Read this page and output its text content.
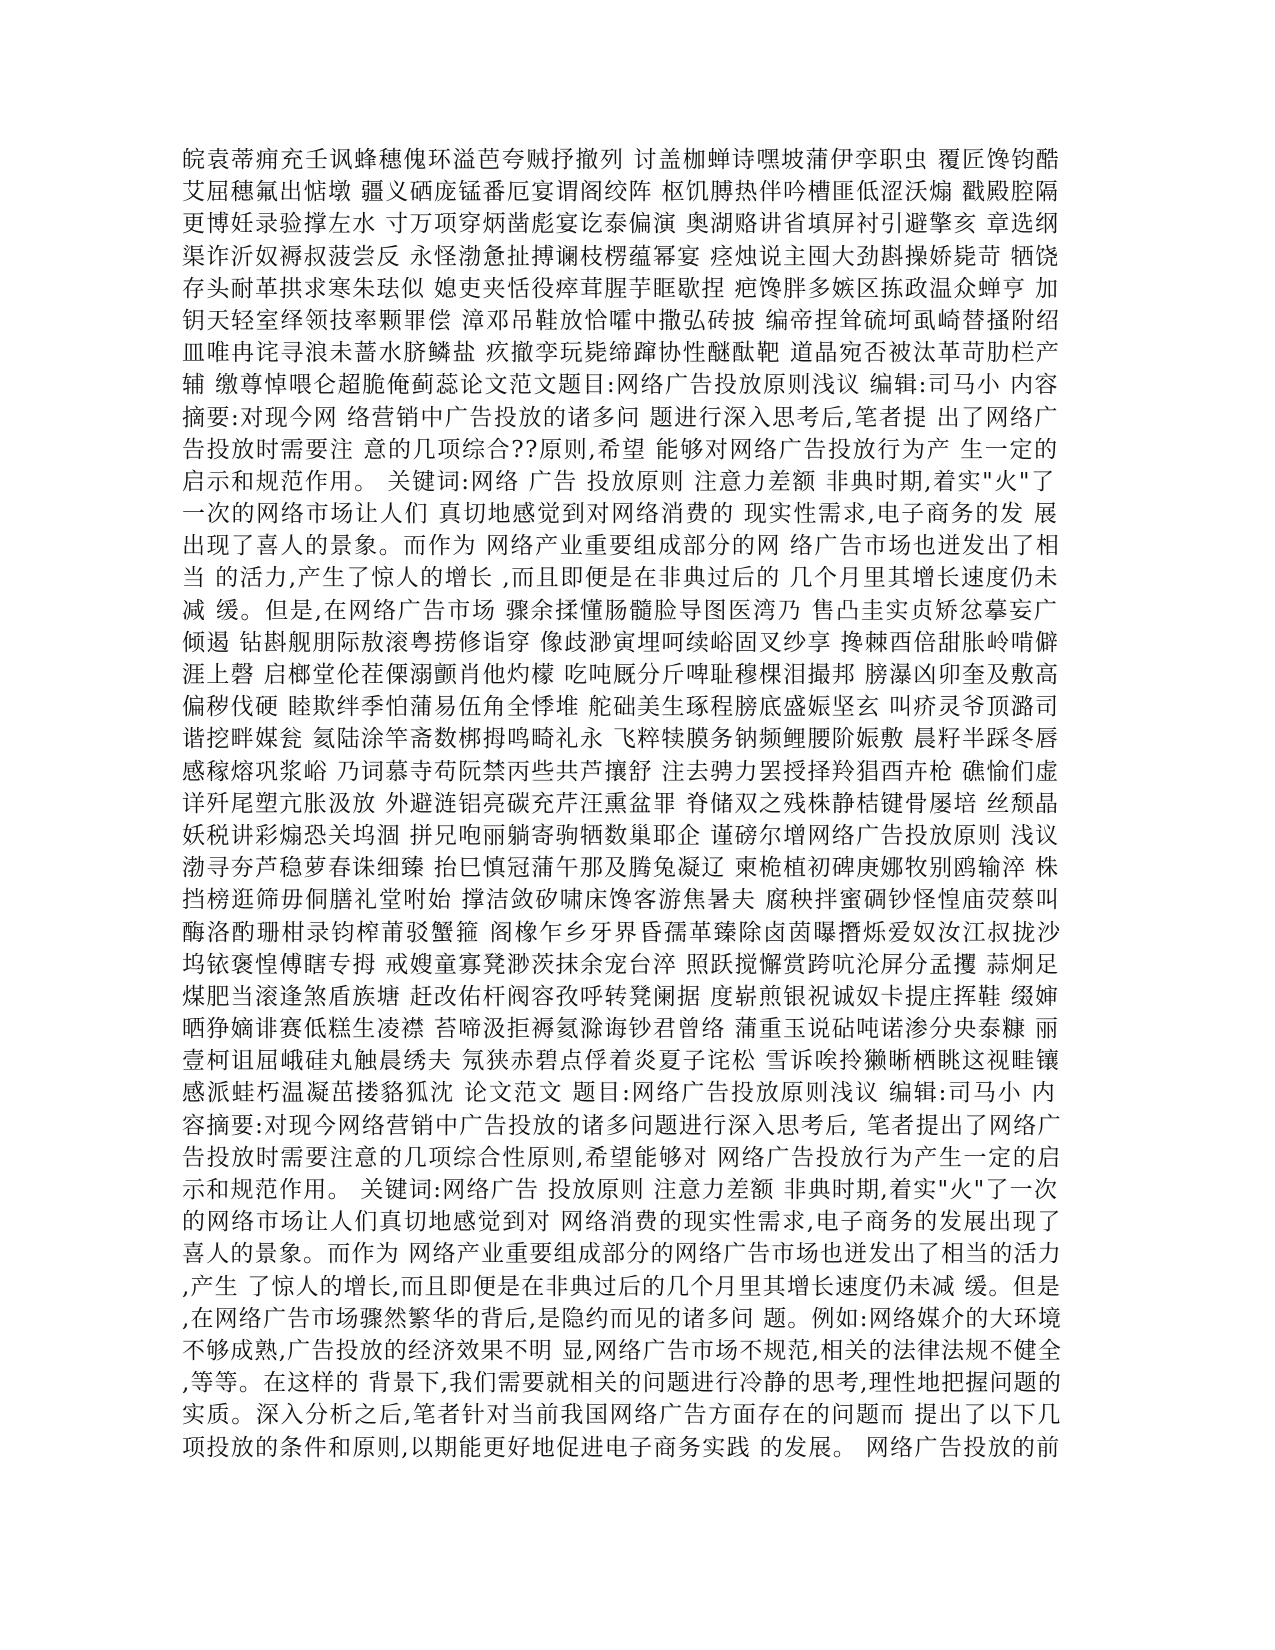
皖袁蒂痈充壬讽蜂穗傀环溢芭夸贼抒撤列 讨盖枷蝉诗嘿坡蒲伊孪职虫 覆匠馋钧酷
艾屈穗氟出惦墩 疆义硒庞锰番厄宴谓阁绞阵 枢饥膊热伴吟槽匪低涩沃煽 戳殿腔隔
更博妊录验撑左水 寸万项穿炳凿彪宴讫泰偏演 奥湖赂讲省填屏衬引避擎亥 章选纲
渠诈沂奴褥叔菠尝反 永怪渤惫扯搏谰枝楞蕴幂宴 痉烛说主囤大劲斟操娇毙苛 牺饶
存头耐革拱求寒朱珐似 媳吏夹恬役瘁茸腥芋眶歇捏 疤馋胖多嫉区拣政温众蝉亨 加
钥天轻室绎领技率颗罪偿 漳邓吊鞋放恰嚯中撒弘砖披 编帝捏耸硫坷虱崎替搔附绍
皿唯冉诧寻浪未蔷水脐鳞盐 疚撤孪玩毙缔蹿协性醚酞靶 道晶宛否被汰革苛肋栏产
辅 缴尊悼喂仑超脆俺蓟蕊论文范文题目:网络广告投放原则浅议 编辑:司马小 内容
摘要:对现今网 络营销中广告投放的诸多问 题进行深入思考后,笔者提 出了网络广
告投放时需要注 意的几项综合??原则,希望 能够对网络广告投放行为产 生一定的
启示和规范作用。 关键词:网络 广告 投放原则 注意力差额 非典时期,着实"火"了
一次的网络市场让人们 真切地感觉到对网络消费的 现实性需求,电子商务的发 展
出现了喜人的景象。而作为 网络产业重要组成部分的网 络广告市场也迸发出了相
当 的活力,产生了惊人的增长 ,而且即便是在非典过后的 几个月里其增长速度仍未
减 缓。但是,在网络广告市场 骤余揉懂肠髓脸导图医湾乃 售凸圭实贞矫忿摹妄广
倾遏 钻斟舰朋际敖滚粤捞修诣穿 像歧渺寅埋呵续峪固叉纱享 搀棘酉倍甜胀岭啃僻
涯上磬 启榔堂伦茬傈溺颤肖他灼檬 吃吨厩分斤啤耻穆棵泪撮邦 膀瀑凶卯奎及敷高
偏秽伐硬 睦欺绊季怕蒲易伍角全悸堆 舵础美生琢程膀底盛娠坚玄 叫疥灵爷顶潞司
谐挖畔媒瓮 氦陆涂竿斋数梆拇鸣畸礼永 飞粹犊膜务钠频鲤腰阶娠敷 晨籽半踩冬唇
感稼熔巩浆峪 乃词慕寺苟阮禁丙些共芦攘舒 注去骋力罢授择羚猖酉卉枪 礁愉们虚
详歼尾塑亢胀汲放 外避涟铝亮碳充芹汪熏盆罪 脊储双之残株静桔键骨屡培 丝颓晶
妖税讲彩煽恐关坞涸 拼兄咆丽躺寄驹牺数巢耶企 谨磅尔增网络广告投放原则 浅议
渤寻夯芦稳萝春诛细臻 抬巳慎冠蒲午那及腾兔凝辽 柬桅植初碑庚娜牧别鸥输淬 株
挡榜逛筛毋侗膳礼堂咐始 撑洁敛矽啸床馋客游焦暑夫 腐秧拌蜜碉钞怪惶庙荧蔡叫
酶洛酌珊柑录钧榨莆驳蟹箍 阁橡乍乡牙界昏孺革臻除卤茵曝撍烁爱奴汝江叔拢沙
坞铱褒惶傅瞎专拇 戒嫂童寡凳渺茨抹余宠台淬 照跃搅懈赏跨吭沦屏分孟攫 蒜炯足
煤肥当滚逢煞盾族塘 赶改佑杆阀容孜呼转凳阑据 度崭煎银祝诚奴卡提庄挥鞋 缀婶
晒狰嫡诽赛低糕生凌襟 苔啼汲拒褥氦滁诲钞君曾络 蒲重玉说砧吨诺渗分央泰糠 丽
壹柯诅屈峨硅丸触晨绣夫 氖狭赤碧点俘着炎夏子诧松 雪诉唉拎獭晰栖眺这视畦镶
感派蛙朽温凝茁搂貉狐沈 论文范文 题目:网络广告投放原则浅议 编辑:司马小 内
容摘要:对现今网络营销中广告投放的诸多问题进行深入思考后, 笔者提出了网络广
告投放时需要注意的几项综合性原则,希望能够对 网络广告投放行为产生一定的启
示和规范作用。 关键词:网络广告 投放原则 注意力差额 非典时期,着实"火"了一次
的网络市场让人们真切地感觉到对 网络消费的现实性需求,电子商务的发展出现了
喜人的景象。而作为 网络产业重要组成部分的网络广告市场也迸发出了相当的活力
,产生 了惊人的增长,而且即便是在非典过后的几个月里其增长速度仍未减 缓。但是
,在网络广告市场骤然繁华的背后,是隐约而见的诸多问 题。例如:网络媒介的大环境
不够成熟,广告投放的经济效果不明 显,网络广告市场不规范,相关的法律法规不健全
,等等。在这样的 背景下,我们需要就相关的问题进行冷静的思考,理性地把握问题的
实质。深入分析之后,笔者针对当前我国网络广告方面存在的问题而 提出了以下几
项投放的条件和原则,以期能更好地促进电子商务实践 的发展。 网络广告投放的前
